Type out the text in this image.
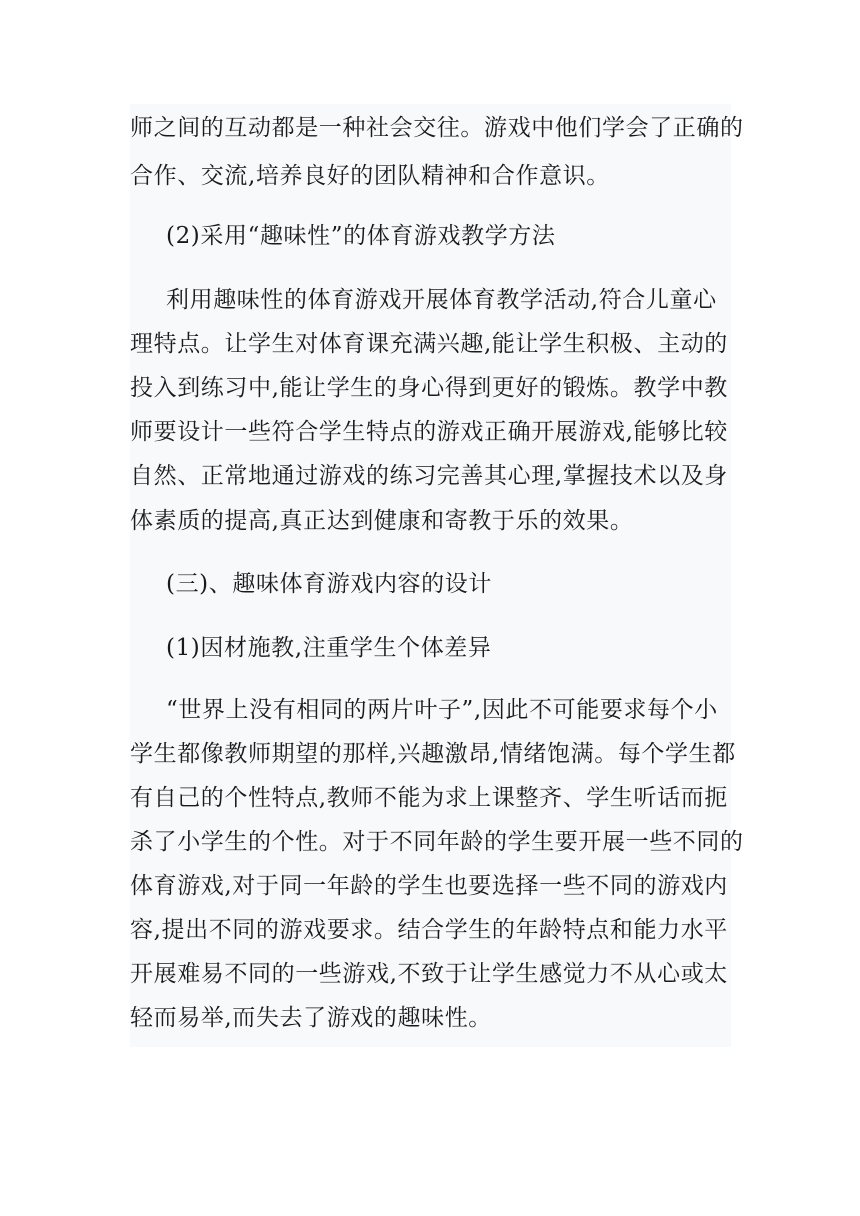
师之间的互动都是一种社会交往。游戏中他们学会了正确的
合作、交流,培养良好的团队精神和合作意识。
(2)采用“趣味性”的体育游戏教学方法
利用趣味性的体育游戏开展体育教学活动,符合儿童心
理特点。让学生对体育课充满兴趣,能让学生积极、主动的
投入到练习中,能让学生的身心得到更好的锻炼。教学中教
师要设计一些符合学生特点的游戏正确开展游戏,能够比较
自然、正常地通过游戏的练习完善其心理,掌握技术以及身
体素质的提高,真正达到健康和寄教于乐的效果。
(三)、趣味体育游戏内容的设计
(1)因材施教,注重学生个体差异
“世界上没有相同的两片叶子”,因此不可能要求每个小
学生都像教师期望的那样,兴趣激昂,情绪饱满。每个学生都
有自己的个性特点,教师不能为求上课整齐、学生听话而扼
杀了小学生的个性。对于不同年龄的学生要开展一些不同的
体育游戏,对于同一年龄的学生也要选择一些不同的游戏内
容,提出不同的游戏要求。结合学生的年龄特点和能力水平
开展难易不同的一些游戏,不致于让学生感觉力不从心或太
轻而易举,而失去了游戏的趣味性。
